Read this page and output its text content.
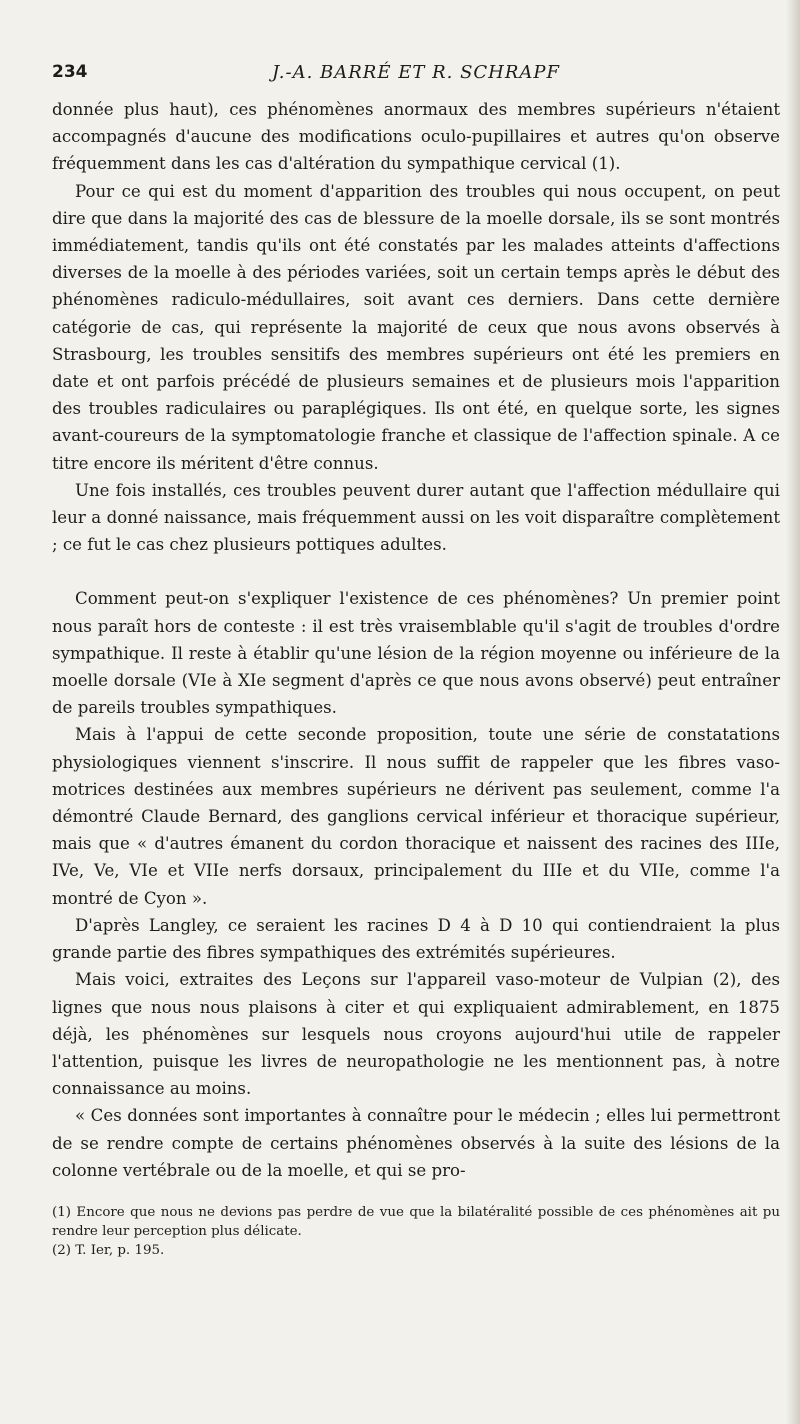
234	J.-A. BARRÉ ET R. SCHRAPF

donnée plus haut), ces phénomènes anormaux des membres supérieurs n'étaient accompagnés d'aucune des modifications oculo-pupillaires et autres qu'on observe fréquemment dans les cas d'altération du sympathique cervical (1).

Pour ce qui est du moment d'apparition des troubles qui nous occupent, on peut dire que dans la majorité des cas de blessure de la moelle dorsale, ils se sont montrés immédiatement, tandis qu'ils ont été constatés par les malades atteints d'affections diverses de la moelle à des périodes variées, soit un certain temps après le début des phénomènes radiculo-médullaires, soit avant ces derniers. Dans cette dernière catégorie de cas, qui représente la majorité de ceux que nous avons observés à Strasbourg, les troubles sensitifs des membres supérieurs ont été les premiers en date et ont parfois précédé de plusieurs semaines et de plusieurs mois l'apparition des troubles radiculaires ou paraplégiques. Ils ont été, en quelque sorte, les signes avant-coureurs de la symptomatologie franche et classique de l'affection spinale. A ce titre encore ils méritent d'être connus.

Une fois installés, ces troubles peuvent durer autant que l'affection médullaire qui leur a donné naissance, mais fréquemment aussi on les voit disparaître complètement ; ce fut le cas chez plusieurs pottiques adultes.

Comment peut-on s'expliquer l'existence de ces phénomènes? Un premier point nous paraît hors de conteste : il est très vraisemblable qu'il s'agit de troubles d'ordre sympathique. Il reste à établir qu'une lésion de la région moyenne ou inférieure de la moelle dorsale (VIe à XIe segment d'après ce que nous avons observé) peut entraîner de pareils troubles sympathiques.

Mais à l'appui de cette seconde proposition, toute une série de constatations physiologiques viennent s'inscrire. Il nous suffit de rappeler que les fibres vaso-motrices destinées aux membres supérieurs ne dérivent pas seulement, comme l'a démontré Claude Bernard, des ganglions cervical inférieur et thoracique supérieur, mais que « d'autres émanent du cordon thoracique et naissent des racines des IIIe, IVe, Ve, VIe et VIIe nerfs dorsaux, principalement du IIIe et du VIIe, comme l'a montré de Cyon ».

D'après Langley, ce seraient les racines D 4 à D 10 qui contiendraient la plus grande partie des fibres sympathiques des extrémités supérieures.

Mais voici, extraites des Leçons sur l'appareil vaso-moteur de Vulpian (2), des lignes que nous nous plaisons à citer et qui expliquaient admirablement, en 1875 déjà, les phénomènes sur lesquels nous croyons aujourd'hui utile de rappeler l'attention, puisque les livres de neuropathologie ne les mentionnent pas, à notre connaissance au moins.

« Ces données sont importantes à connaître pour le médecin ; elles lui permettront de se rendre compte de certains phénomènes observés à la suite des lésions de la colonne vertébrale ou de la moelle, et qui se pro-

(1) Encore que nous ne devions pas perdre de vue que la bilatéralité possible de ces phénomènes ait pu rendre leur perception plus délicate.

(2) T. Ier, p. 195.
